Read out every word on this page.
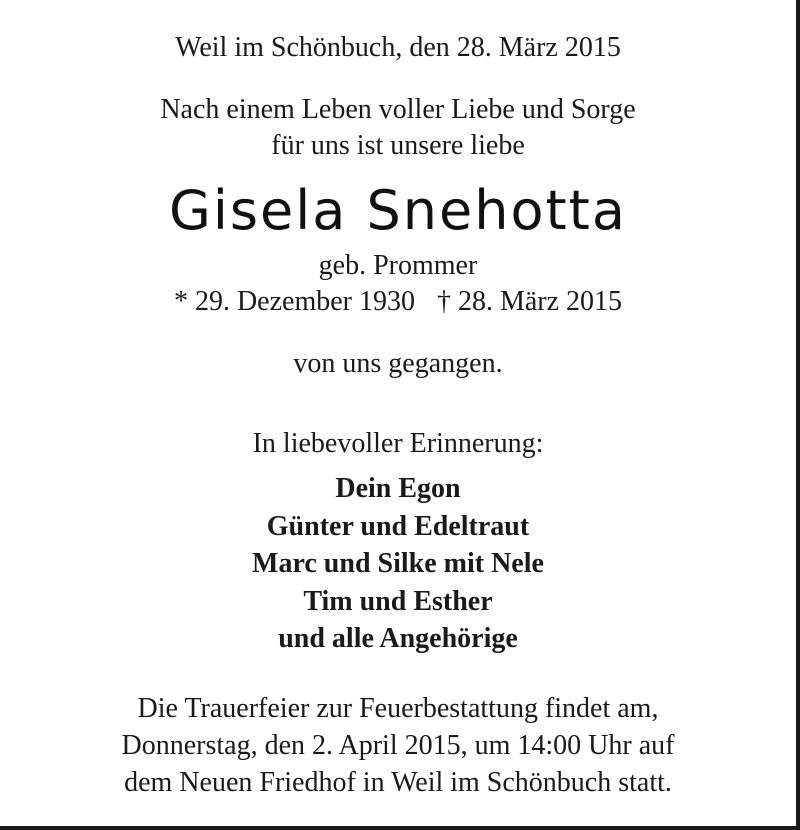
Weil im Schönbuch, den 28. März 2015
Nach einem Leben voller Liebe und Sorge
für uns ist unsere liebe
Gisela Snehotta
geb. Prommer
* 29. Dezember 1930 † 28. März 2015
von uns gegangen.
In liebevoller Erinnerung:
Dein Egon
Günter und Edeltraut
Marc und Silke mit Nele
Tim und Esther
und alle Angehörige
Die Trauerfeier zur Feuerbestattung findet am,
Donnerstag, den 2. April 2015, um 14:00 Uhr auf
dem Neuen Friedhof in Weil im Schönbuch statt.
